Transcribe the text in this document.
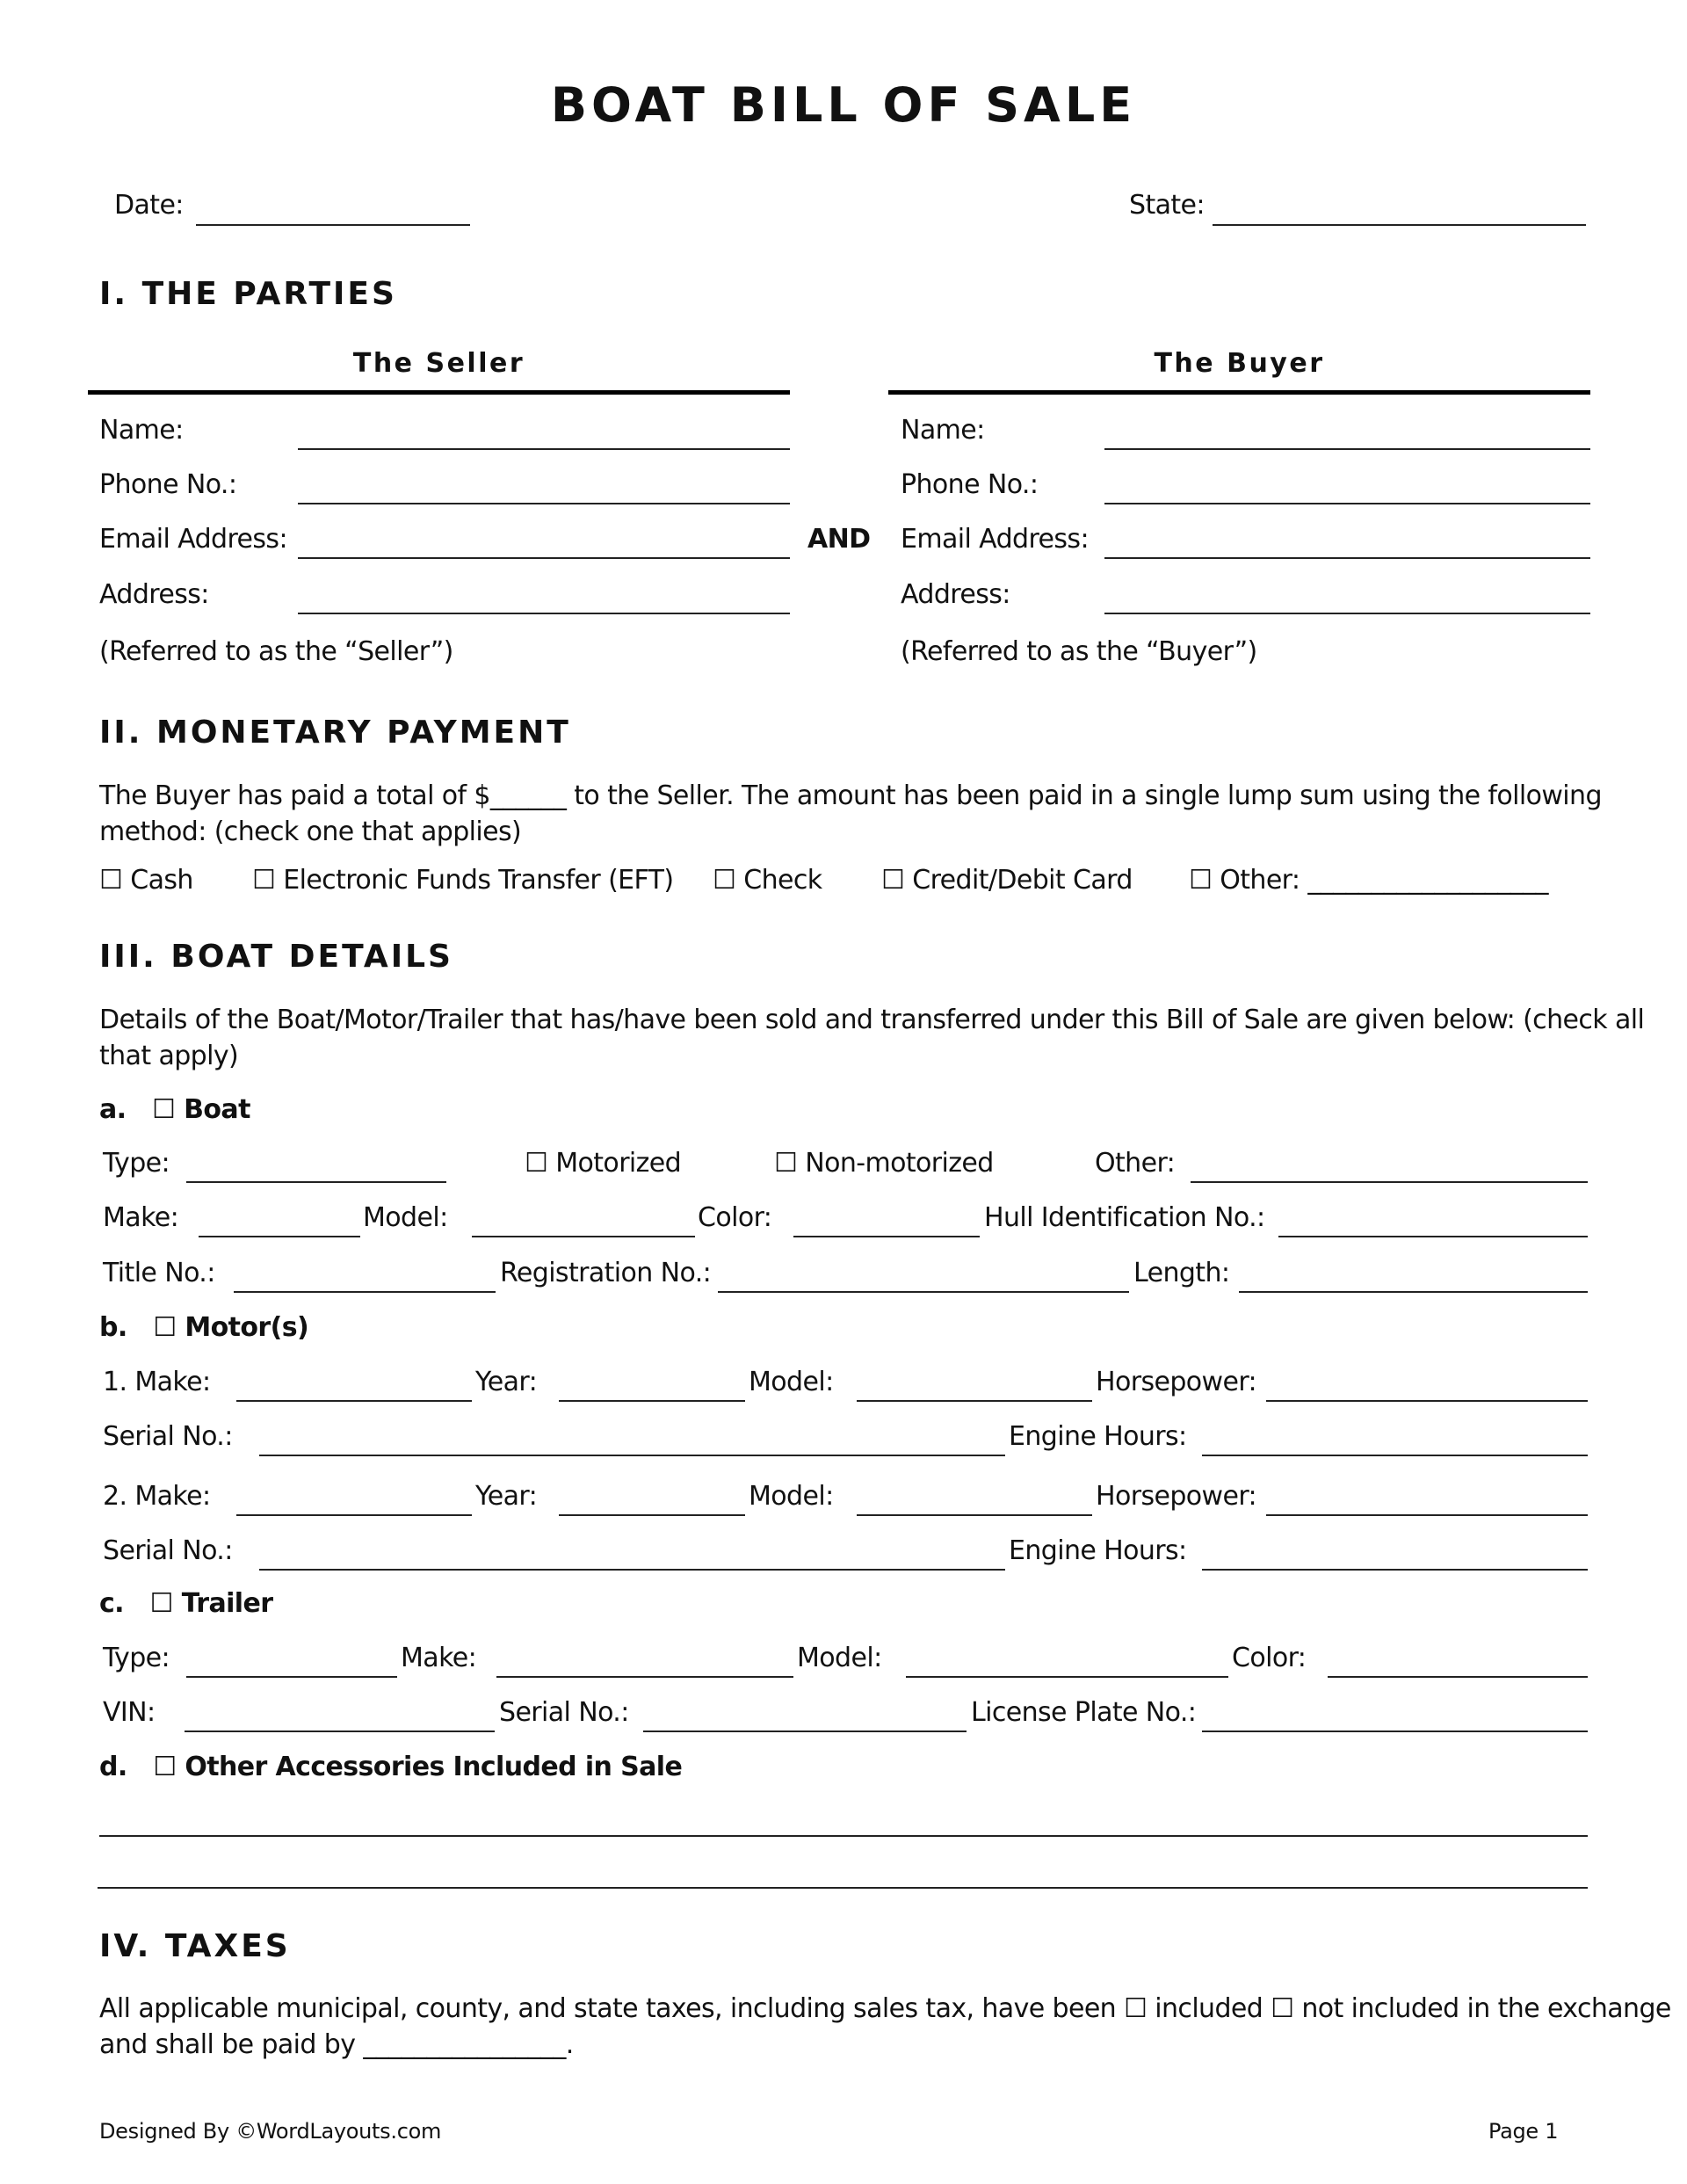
BOAT BILL OF SALE
Date:	State:
I. THE PARTIES
The Seller	The Buyer
Name:
Phone No.:
Email Address:
Address:
(Referred to as the “Seller”)
AND
Name:
Phone No.:
Email Address:
Address:
(Referred to as the “Buyer”)
II. MONETARY PAYMENT
The Buyer has paid a total of $______ to the Seller. The amount has been paid in a single lump sum using the following
method: (check one that applies)
☐ Cash ☐ Electronic Funds Transfer (EFT) ☐ Check ☐ Credit/Debit Card ☐ Other: ___________________
III. BOAT DETAILS
Details of the Boat/Motor/Trailer that has/have been sold and transferred under this Bill of Sale are given below: (check all
that apply)
a. ☐ Boat
Type:	☐ Motorized	☐ Non-motorized	Other:
Make:	Model:	Color:	Hull Identification No.:
Title No.:	Registration No.:	Length:
b. ☐ Motor(s)
1. Make:	Year:	Model:	Horsepower:
Serial No.:	Engine Hours:
2. Make:	Year:	Model:	Horsepower:
Serial No.:	Engine Hours:
c. ☐ Trailer
Type:	Make:	Model:	Color:
VIN:	Serial No.:	License Plate No.:
d. ☐ Other Accessories Included in Sale
IV. TAXES
All applicable municipal, county, and state taxes, including sales tax, have been ☐ included ☐ not included in the exchange
and shall be paid by ________________.
Designed By ©WordLayouts.com	Page 1
